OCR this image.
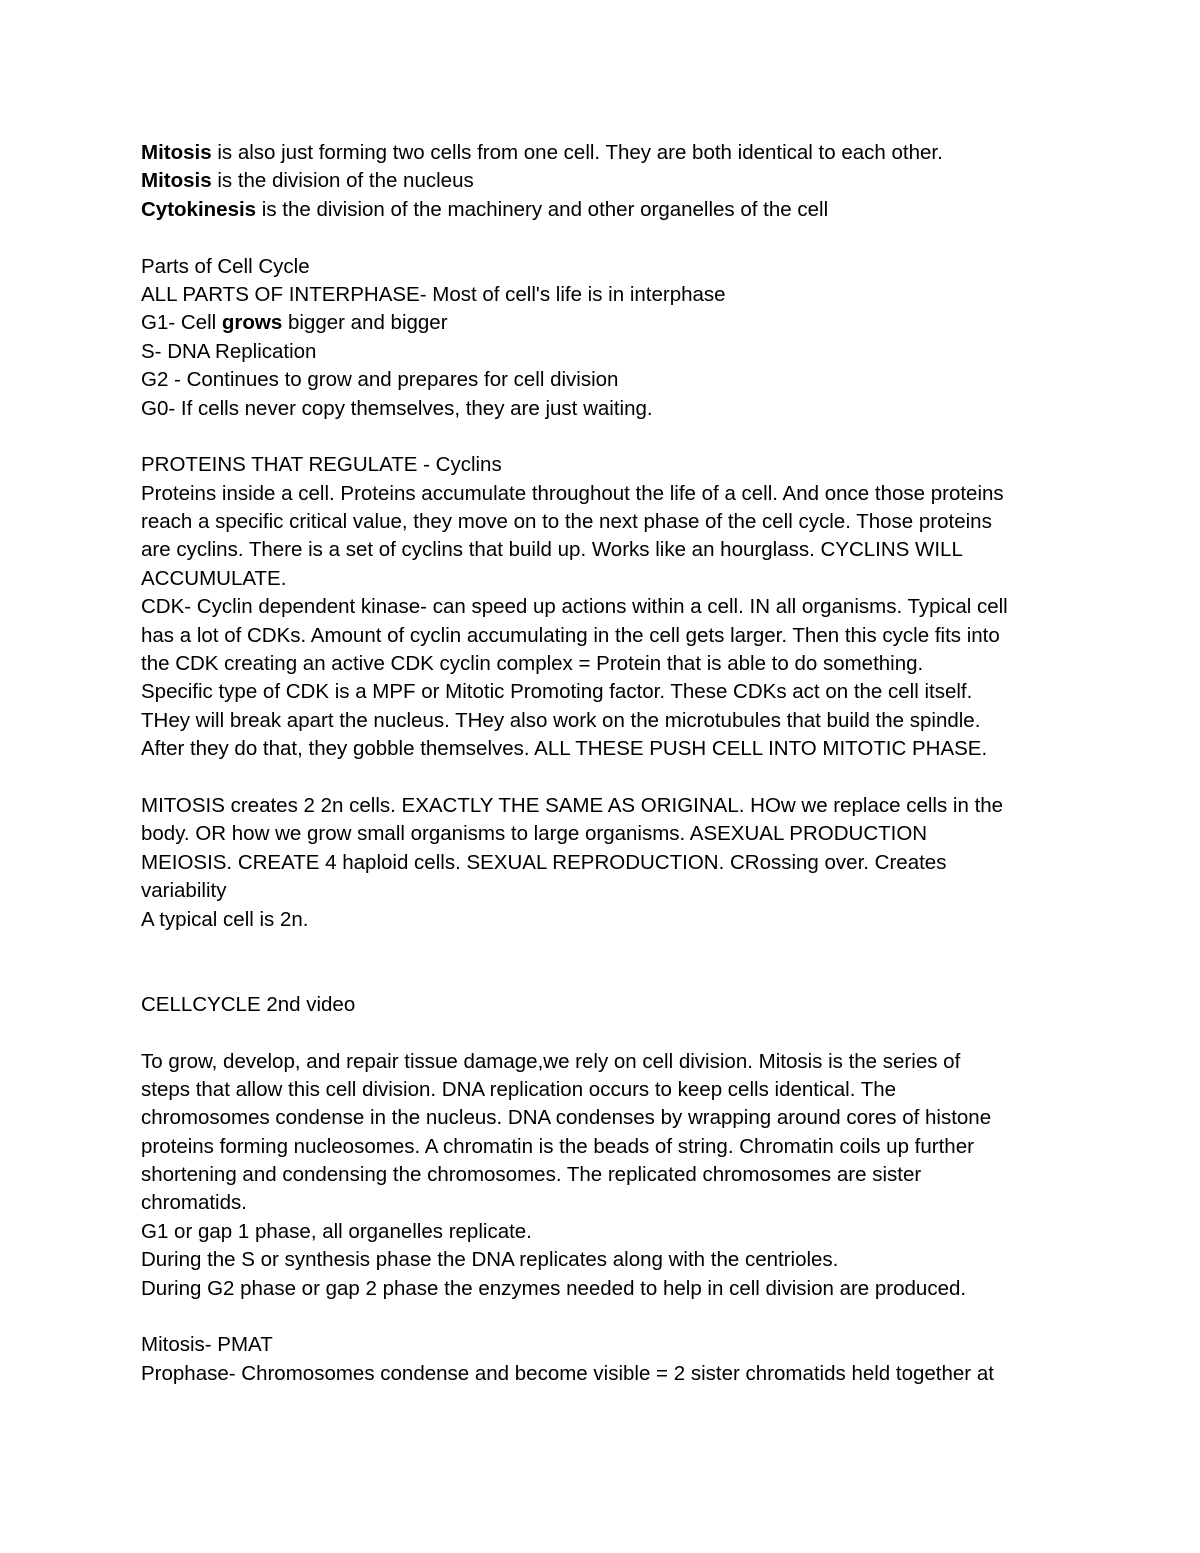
Mitosis is also just forming two cells from one cell. They are both identical to each other.
Mitosis is the division of the nucleus
Cytokinesis is the division of the machinery and other organelles of the cell
Parts of Cell Cycle
ALL PARTS OF INTERPHASE- Most of cell's life is in interphase
G1- Cell grows bigger and bigger
S- DNA Replication
G2 - Continues to grow and prepares for cell division
G0- If cells never copy themselves, they are just waiting.
PROTEINS THAT REGULATE - Cyclins
Proteins inside a cell. Proteins accumulate throughout the life of a cell. And once those proteins
reach a specific critical value, they move on to the next phase of the cell cycle. Those proteins
are cyclins. There is a set of cyclins that build up. Works like an hourglass. CYCLINS WILL
ACCUMULATE.
CDK- Cyclin dependent kinase- can speed up actions within a cell. IN all organisms. Typical cell
has a lot of CDKs. Amount of cyclin accumulating in the cell gets larger. Then this cycle fits into
the CDK creating an active CDK cyclin complex = Protein that is able to do something.
Specific type of CDK is a MPF or Mitotic Promoting factor. These CDKs act on the cell itself.
THey will break apart the nucleus. THey also work on the microtubules that build the spindle.
After they do that, they gobble themselves. ALL THESE PUSH CELL INTO MITOTIC PHASE.
MITOSIS creates 2 2n cells. EXACTLY THE SAME AS ORIGINAL. HOw we replace cells in the
body. OR how we grow small organisms to large organisms. ASEXUAL PRODUCTION
MEIOSIS. CREATE 4 haploid cells. SEXUAL REPRODUCTION. CRossing over. Creates
variability
A typical cell is 2n.
CELLCYCLE 2nd video
To grow, develop, and repair tissue damage,we rely on cell division. Mitosis is the series of
steps that allow this cell division. DNA replication occurs to keep cells identical. The
chromosomes condense in the nucleus. DNA condenses by wrapping around cores of histone
proteins forming nucleosomes. A chromatin is the beads of string. Chromatin coils up further
shortening and condensing the chromosomes. The replicated chromosomes are sister
chromatids.
G1 or gap 1 phase, all organelles replicate.
During the S or synthesis phase the DNA replicates along with the centrioles.
During G2 phase or gap 2 phase the enzymes needed to help in cell division are produced.
Mitosis- PMAT
Prophase- Chromosomes condense and become visible = 2 sister chromatids held together at
